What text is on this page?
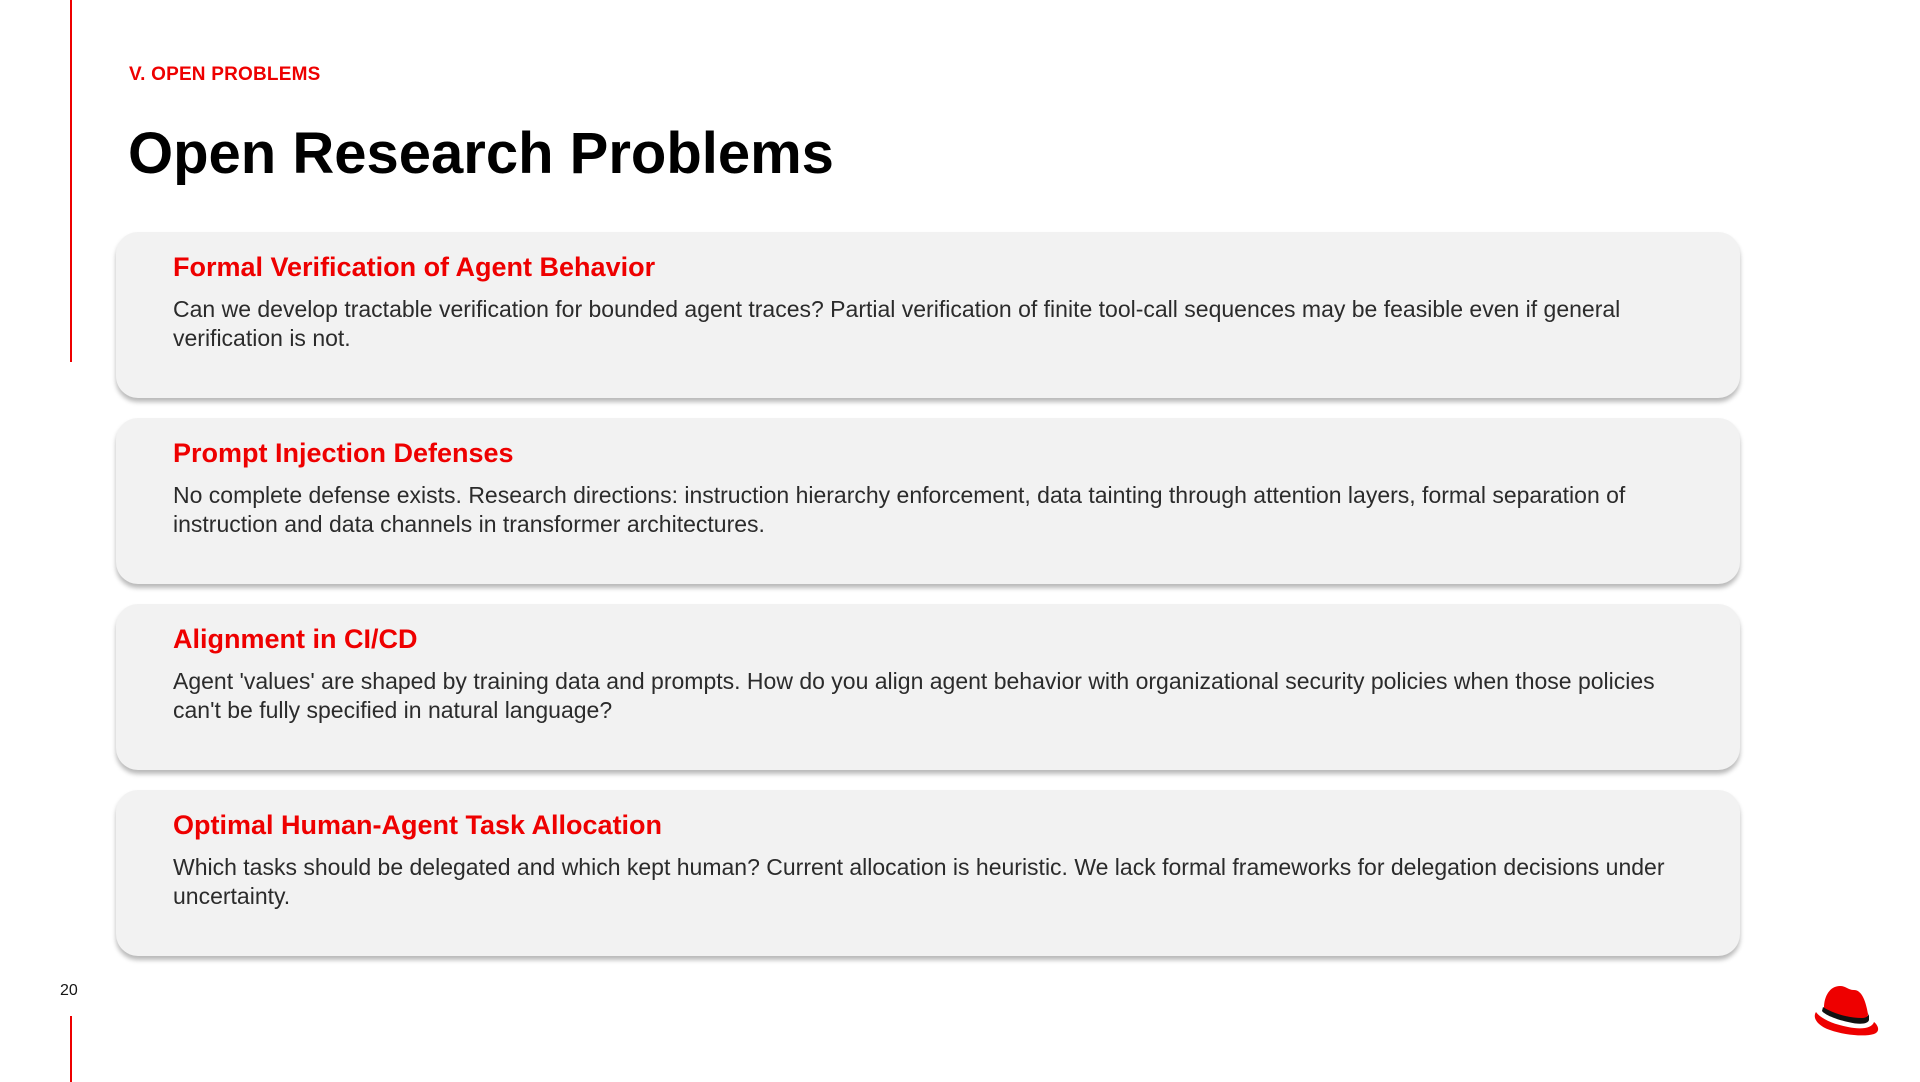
V. OPEN PROBLEMS
Open Research Problems
Formal Verification of Agent Behavior

Can we develop tractable verification for bounded agent traces? Partial verification of finite tool-call sequences may be feasible even if general verification is not.

Prompt Injection Defenses

No complete defense exists. Research directions: instruction hierarchy enforcement, data tainting through attention layers, formal separation of instruction and data channels in transformer architectures.

Alignment in CI/CD

Agent 'values' are shaped by training data and prompts. How do you align agent behavior with organizational security policies when those policies can't be fully specified in natural language?

Optimal Human-Agent Task Allocation

Which tasks should be delegated and which kept human? Current allocation is heuristic. We lack formal frameworks for delegation decisions under uncertainty.

20
